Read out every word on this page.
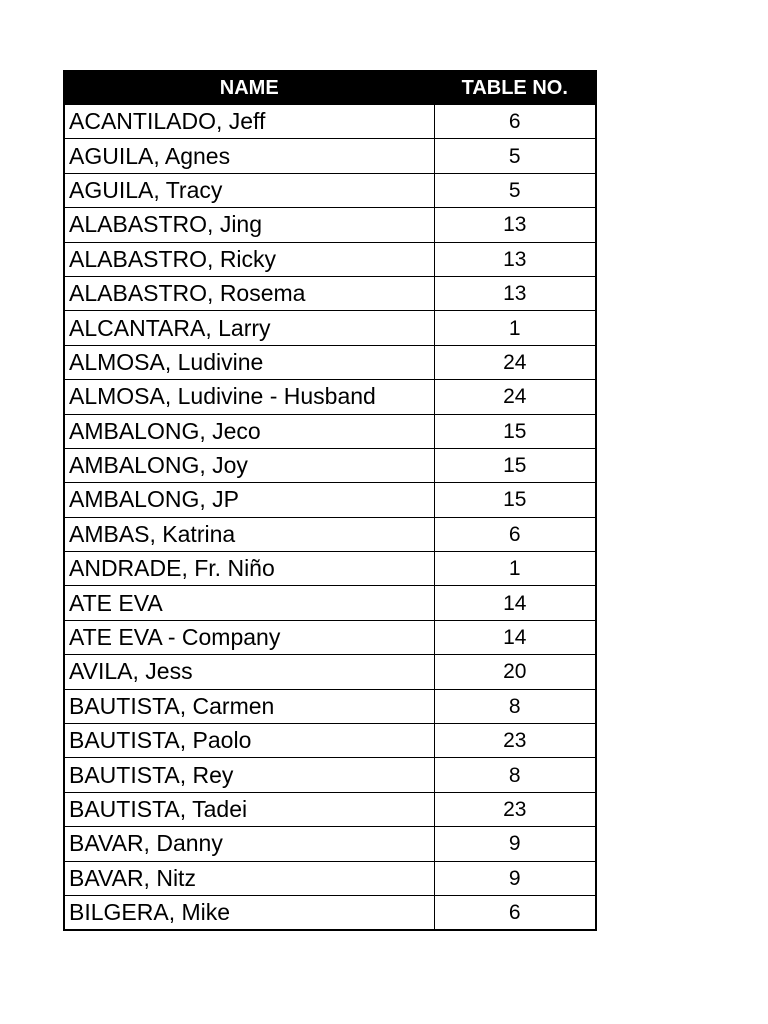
NAME	TABLE NO.
ACANTILADO, Jeff	6
AGUILA, Agnes	5
AGUILA, Tracy	5
ALABASTRO, Jing	13
ALABASTRO, Ricky	13
ALABASTRO, Rosema	13
ALCANTARA, Larry	1
ALMOSA, Ludivine	24
ALMOSA, Ludivine - Husband	24
AMBALONG, Jeco	15
AMBALONG, Joy	15
AMBALONG, JP	15
AMBAS, Katrina	6
ANDRADE, Fr. Niño	1
ATE EVA	14
ATE EVA - Company	14
AVILA, Jess	20
BAUTISTA, Carmen	8
BAUTISTA, Paolo	23
BAUTISTA, Rey	8
BAUTISTA, Tadei	23
BAVAR, Danny	9
BAVAR, Nitz	9
BILGERA, Mike	6
